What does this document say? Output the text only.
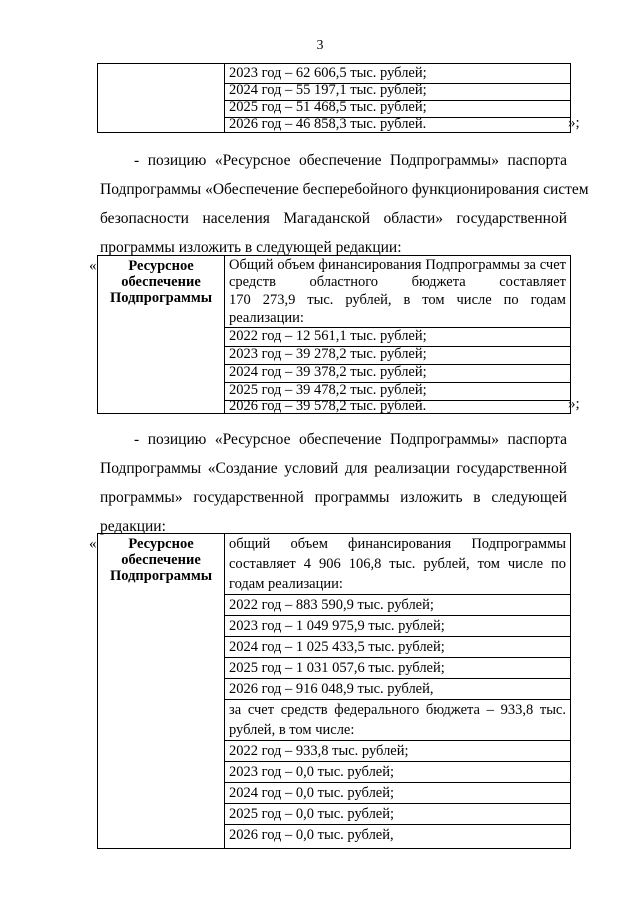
3
2023 год – 62 606,5 тыс. рублей;
2024 год – 55 197,1 тыс. рублей;
2025 год – 51 468,5 тыс. рублей;
2026 год – 46 858,3 тыс. рублей.	»;
- позицию «Ресурсное обеспечение Подпрограммы» паспорта
Подпрограммы «Обеспечение бесперебойного функционирования систем
безопасности населения Магаданской области» государственной
программы изложить в следующей редакции:
«	Ресурсное
обеспечение
Подпрограммы
Общий объем финансирования Подпрограммы за счет
средств областного бюджета составляет
170 273,9 тыс. рублей, в том числе по годам
реализации:
2022 год – 12 561,1 тыс. рублей;
2023 год – 39 278,2 тыс. рублей;
2024 год – 39 378,2 тыс. рублей;
2025 год – 39 478,2 тыс. рублей;
2026 год – 39 578,2 тыс. рублей.	»;
- позицию «Ресурсное обеспечение Подпрограммы» паспорта
Подпрограммы «Создание условий для реализации государственной
программы» государственной программы изложить в следующей
редакции:
«	Ресурсное
обеспечение
Подпрограммы
общий объем финансирования Подпрограммы
составляет 4 906 106,8 тыс. рублей, том числе по
годам реализации:
2022 год – 883 590,9 тыс. рублей;
2023 год – 1 049 975,9 тыс. рублей;
2024 год – 1 025 433,5 тыс. рублей;
2025 год – 1 031 057,6 тыс. рублей;
2026 год – 916 048,9 тыс. рублей,
за счет средств федерального бюджета – 933,8 тыс.
рублей, в том числе:
2022 год – 933,8 тыс. рублей;
2023 год – 0,0 тыс. рублей;
2024 год – 0,0 тыс. рублей;
2025 год – 0,0 тыс. рублей;
2026 год – 0,0 тыс. рублей,
